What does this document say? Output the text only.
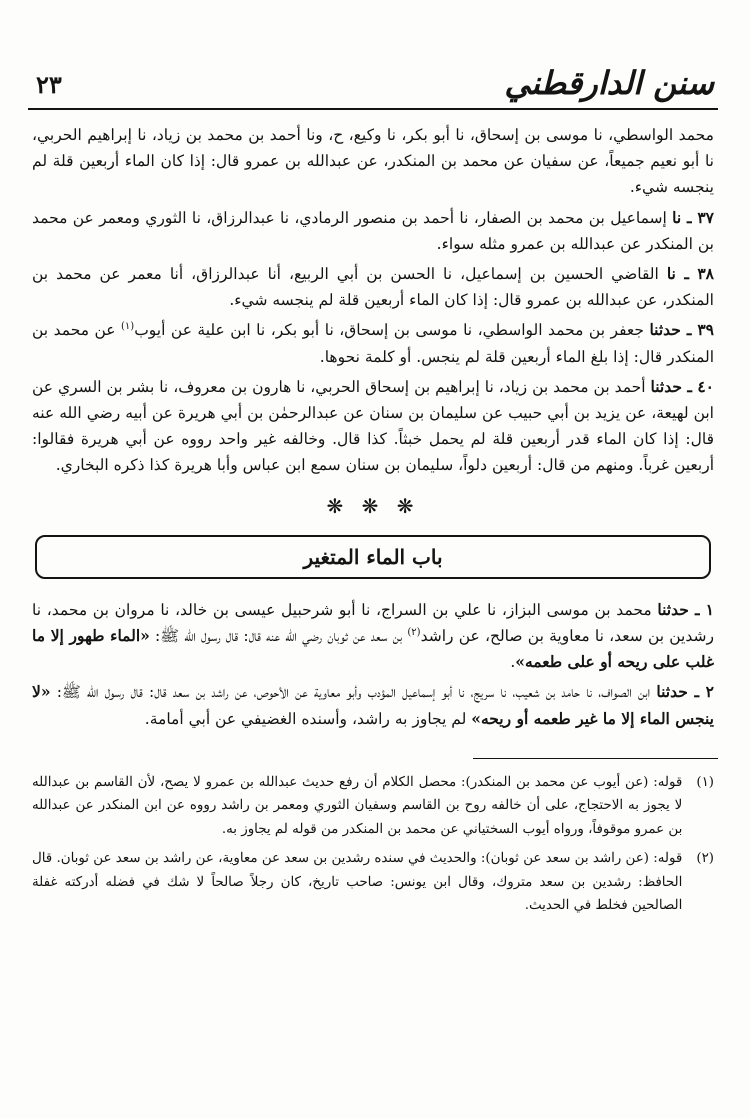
سنن الدارقطني
٢٣

محمد الواسطي، نا موسى بن إسحاق، نا أبو بكر، نا وكيع، ح، ونا أحمد بن محمد بن زياد، نا إبراهيم الحربي، نا أبو نعيم جميعاً، عن سفيان عن محمد بن المنكدر، عن عبدالله بن عمرو قال: إذا كان الماء أربعين قلة لم ينجسه شيء.

٣٧ ـ نا إسماعيل بن محمد بن الصفار، نا أحمد بن منصور الرمادي، نا عبدالرزاق، نا الثوري ومعمر عن محمد بن المنكدر عن عبدالله بن عمرو مثله سواء.

٣٨ ـ نا القاضي الحسين بن إسماعيل، نا الحسن بن أبي الربيع، أنا عبدالرزاق، أنا معمر عن محمد بن المنكدر، عن عبدالله بن عمرو قال: إذا كان الماء أربعين قلة لم ينجسه شيء.

٣٩ ـ حدثنا جعفر بن محمد الواسطي، نا موسى بن إسحاق، نا أبو بكر، نا ابن علية عن أيوب$^{(١)}$ عن محمد بن المنكدر قال: إذا بلغ الماء أربعين قلة لم ينجس. أو كلمة نحوها.

٤٠ ـ حدثنا أحمد بن محمد بن زياد، نا إبراهيم بن إسحاق الحربي، نا هارون بن معروف، نا بشر بن السري عن ابن لهيعة، عن يزيد بن أبي حبيب عن سليمان بن سنان عن عبدالرحمٰن بن أبي هريرة عن أبيه رضي الله عنه قال: إذا كان الماء قدر أربعين قلة لم يحمل خبثاً. كذا قال. وخالفه غير واحد رووه عن أبي هريرة فقالوا: أربعين غرباً. ومنهم من قال: أربعين دلواً، سليمان بن سنان سمع ابن عباس وأبا هريرة كذا ذكره البخاري.

❋ ❋ ❋
باب الماء المتغير

١ ـ حدثنا محمد بن موسى البزاز، نا علي بن السراج، نا أبو شرحبيل عيسى بن خالد، نا مروان بن محمد، نا رشدين بن سعد، نا معاوية بن صالح، عن راشد$^{(٢)}$ بن سعد عن ثوبان رضي الله عنه قال: قال رسول الله ﷺ: «الماء طهور إلا ما غلب على ريحه أو على طعمه».

٢ ـ حدثنا ابن الصواف، نا حامد بن شعيب، نا سريج، نا أبو إسماعيل المؤدب وأبو معاوية عن الأحوص، عن راشد بن سعد قال: قال رسول الله ﷺ: «لا ينجس الماء إلا ما غير طعمه أو ريحه» لم يجاوز به راشد، وأسنده الغضيفي عن أبي أمامة.

(١)
قوله: (عن أيوب عن محمد بن المنكدر): محصل الكلام أن رفع حديث عبدالله بن عمرو لا يصح، لأن القاسم بن عبدالله لا يجوز به الاحتجاج، على أن خالفه روح بن القاسم وسفيان الثوري ومعمر بن راشد رووه عن ابن المنكدر عن عبدالله بن عمرو موقوفاً، ورواه أيوب السختياني عن محمد بن المنكدر من قوله لم يجاوز به.
(٢)
قوله: (عن راشد بن سعد عن ثوبان): والحديث في سنده رشدين بن سعد عن معاوية، عن راشد بن سعد عن ثوبان. قال الحافظ: رشدين بن سعد متروك، وقال ابن يونس: صاحب تاريخ، كان رجلاً صالحاً لا شك في فضله أدركته غفلة الصالحين فخلط في الحديث.
